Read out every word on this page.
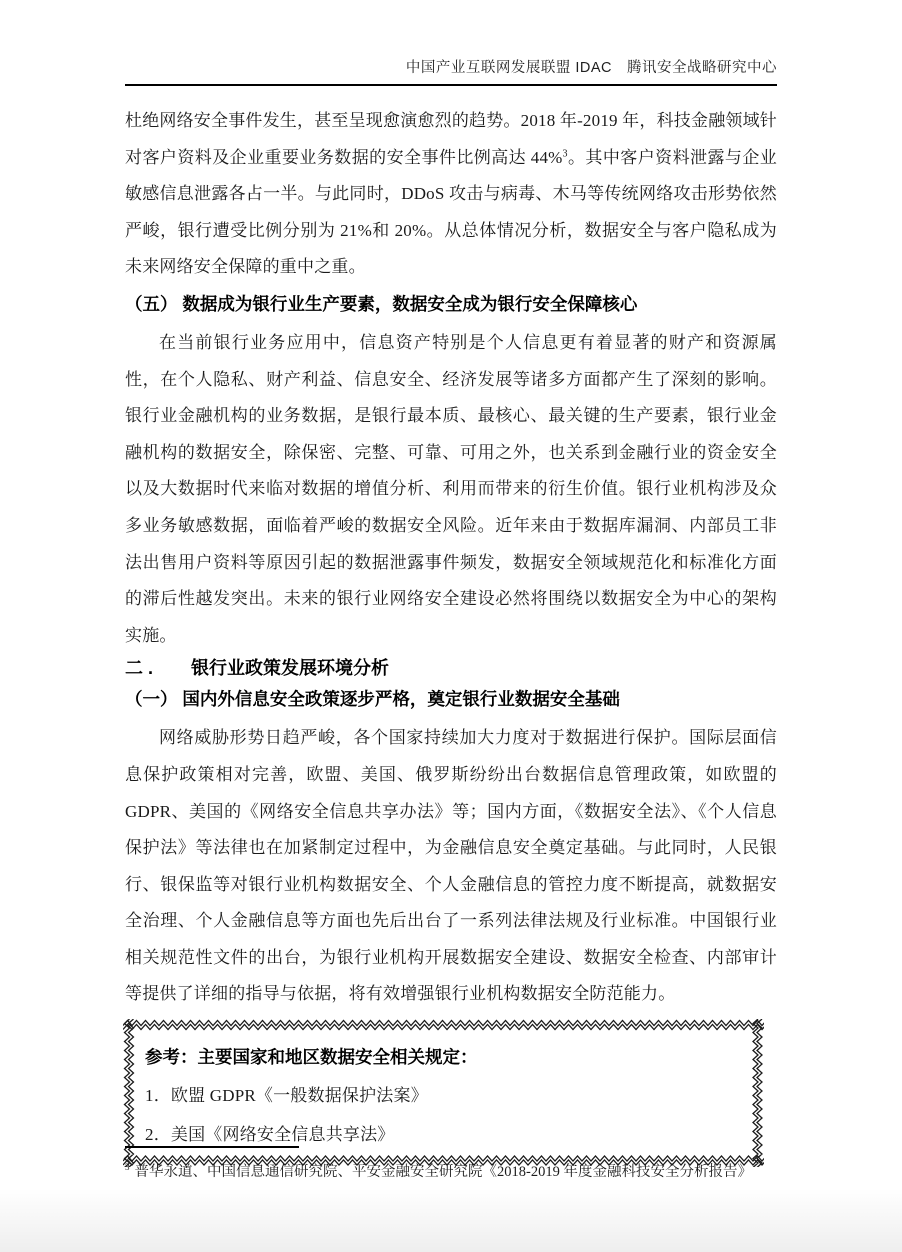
中国产业互联网发展联盟 IDAC　腾讯安全战略研究中心

杜绝网络安全事件发生，甚至呈现愈演愈烈的趋势。2018 年-2019 年，科技金融领域针对客户资料及企业重要业务数据的安全事件比例高达 44%$^3$。其中客户资料泄露与企业敏感信息泄露各占一半。与此同时，DDoS 攻击与病毒、木马等传统网络攻击形势依然严峻，银行遭受比例分别为 21%和 20%。从总体情况分析，数据安全与客户隐私成为未来网络安全保障的重中之重。

（五） 数据成为银行业生产要素，数据安全成为银行安全保障核心

在当前银行业务应用中，信息资产特别是个人信息更有着显著的财产和资源属性，在个人隐私、财产利益、信息安全、经济发展等诸多方面都产生了深刻的影响。银行业金融机构的业务数据，是银行最本质、最核心、最关键的生产要素，银行业金融机构的数据安全，除保密、完整、可靠、可用之外，也关系到金融行业的资金安全以及大数据时代来临对数据的增值分析、利用而带来的衍生价值。银行业机构涉及众多业务敏感数据，面临着严峻的数据安全风险。近年来由于数据库漏洞、内部员工非法出售用户资料等原因引起的数据泄露事件频发，数据安全领域规范化和标准化方面的滞后性越发突出。未来的银行业网络安全建设必然将围绕以数据安全为中心的架构实施。

二 . 银行业政策发展环境分析
（一） 国内外信息安全政策逐步严格，奠定银行业数据安全基础

网络威胁形势日趋严峻，各个国家持续加大力度对于数据进行保护。国际层面信息保护政策相对完善，欧盟、美国、俄罗斯纷纷出台数据信息管理政策，如欧盟的 GDPR、美国的《网络安全信息共享办法》等；国内方面，《数据安全法》、《个人信息保护法》等法律也在加紧制定过程中，为金融信息安全奠定基础。与此同时，人民银行、银保监等对银行业机构数据安全、个人金融信息的管控力度不断提高，就数据安全治理、个人金融信息等方面也先后出台了一系列法律法规及行业标准。中国银行业相关规范性文件的出台，为银行业机构开展数据安全建设、数据安全检查、内部审计等提供了详细的指导与依据，将有效增强银行业机构数据安全防范能力。

参考：主要国家和地区数据安全相关规定：
1．欧盟 GDPR《一般数据保护法案》
2．美国《网络安全信息共享法》
$^3$ 普华永道、中国信息通信研究院、平安金融安全研究院《2018-2019 年度金融科技安全分析报告》
